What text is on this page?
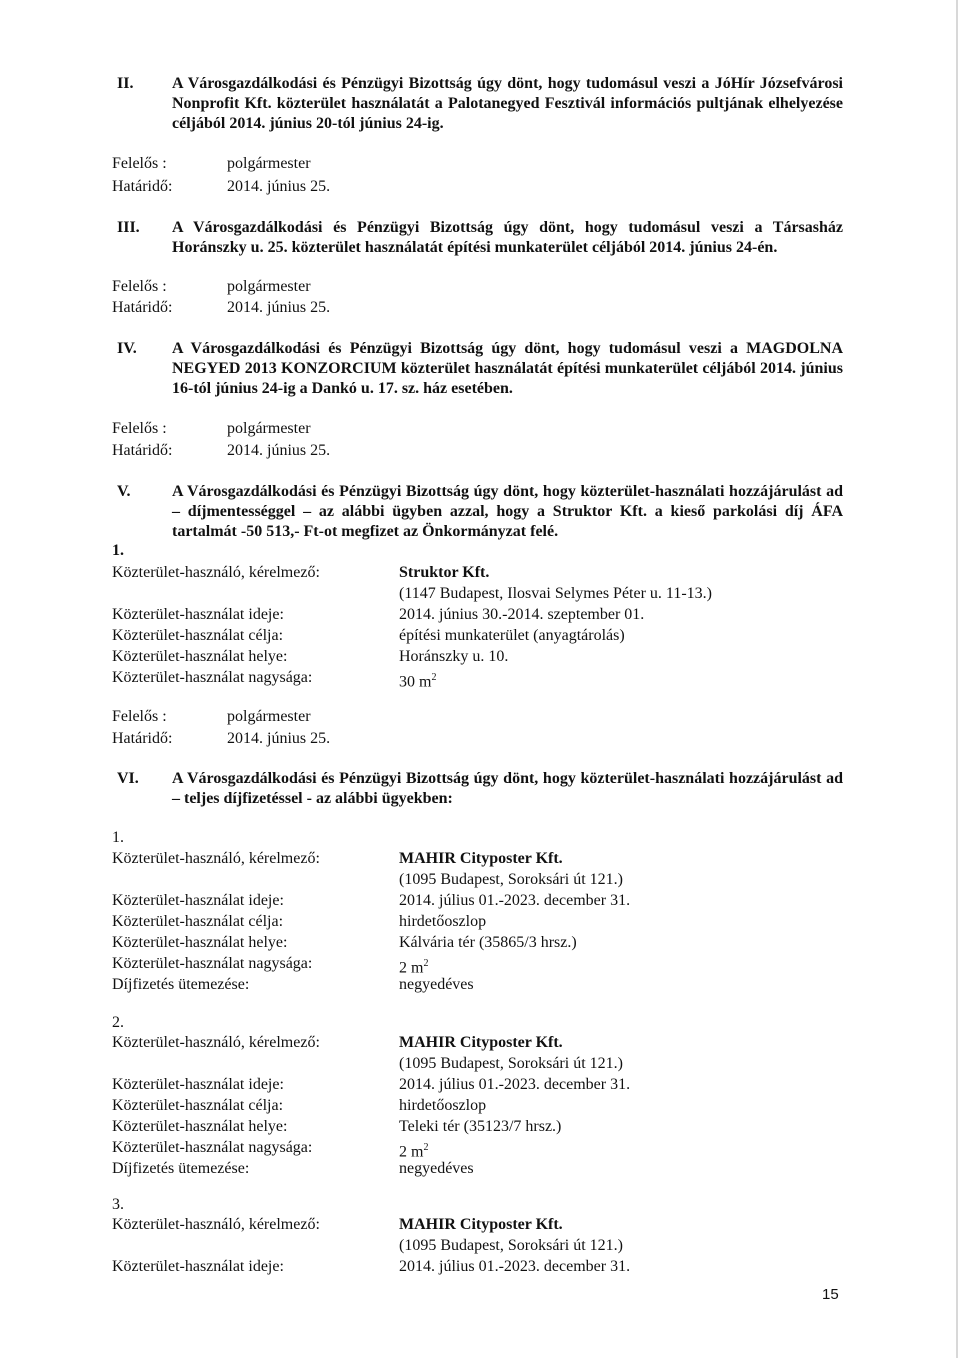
II. A Városgazdálkodási és Pénzügyi Bizottság úgy dönt, hogy tudomásul veszi a JóHír Józsefvárosi Nonprofit Kft. közterület használatát a Palotanegyed Fesztivál információs pultjának elhelyezése céljából 2014. június 20-tól június 24-ig.
Felelős :	polgármester
Határidő:	2014. június 25.
III. A Városgazdálkodási és Pénzügyi Bizottság úgy dönt, hogy tudomásul veszi a Társasház Horánszky u. 25. közterület használatát építési munkaterület céljából 2014. június 24-én.
Felelős :	polgármester
Határidő:	2014. június 25.
IV. A Városgazdálkodási és Pénzügyi Bizottság úgy dönt, hogy tudomásul veszi a MAGDOLNA NEGYED 2013 KONZORCIUM közterület használatát építési munkaterület céljából 2014. június 16-tól június 24-ig a Dankó u. 17. sz. ház esetében.
Felelős :	polgármester
Határidő:	2014. június 25.
V.	A Városgazdálkodási és Pénzügyi Bizottság úgy dönt, hogy közterület-használati hozzájárulást ad – díjmentességgel – az alábbi ügyben azzal, hogy a Struktor Kft. a kieső parkolási díj ÁFA tartalmát -50 513,- Ft-ot megfizet az Önkormányzat felé.
1.
Közterület-használó, kérelmező:	Struktor Kft.
(1147 Budapest, Ilosvai Selymes Péter u. 11-13.)
Közterület-használat ideje:	2014. június 30.-2014. szeptember 01.
Közterület-használat célja:	építési munkaterület (anyagtárolás)
Közterület-használat helye:	Horánszky u. 10.
Közterület-használat nagysága:	30 $m^2$
Felelős :	polgármester
Határidő:	2014. június 25.
VI. A Városgazdálkodási és Pénzügyi Bizottság úgy dönt, hogy közterület-használati hozzájárulást ad – teljes díjfizetéssel - az alábbi ügyekben:
1.
Közterület-használó, kérelmező:	MAHIR Cityposter Kft.
(1095 Budapest, Soroksári út 121.)
Közterület-használat ideje:	2014. július 01.-2023. december 31.
Közterület-használat célja:	hirdetőoszlop
Közterület-használat helye:	Kálvária tér (35865/3 hrsz.)
Közterület-használat nagysága:	2 $m^2$
Díjfizetés ütemezése:	negyedéves
2.
Közterület-használó, kérelmező:	MAHIR Cityposter Kft.
(1095 Budapest, Soroksári út 121.)
Közterület-használat ideje:	2014. július 01.-2023. december 31.
Közterület-használat célja:	hirdetőoszlop
Közterület-használat helye:	Teleki tér (35123/7 hrsz.)
Közterület-használat nagysága:	2 $m^2$
Díjfizetés ütemezése:	negyedéves
3.
Közterület-használó, kérelmező:	MAHIR Cityposter Kft.
(1095 Budapest, Soroksári út 121.)
Közterület-használat ideje:	2014. július 01.-2023. december 31.
15
